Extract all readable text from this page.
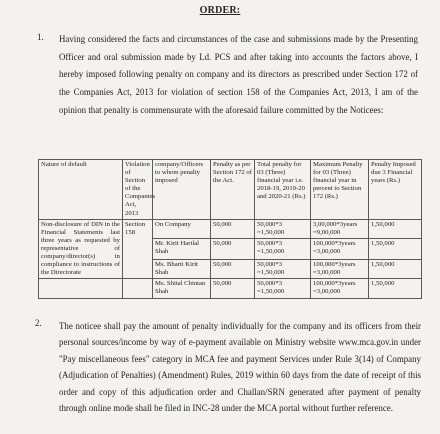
ORDER:
1. Having considered the facts and circumstances of the case and submissions made by the Presenting Officer and oral submission made by Ld. PCS and after taking into accounts the factors above, I hereby imposed following penalty on company and its directors as prescribed under Section 172 of the Companies Act, 2013 for violation of section 158 of the Companies Act, 2013, I am of the opinion that penalty is commensurate with the aforesaid failure committed by the Noticees:
Nature of default	Violation of Section of the Companies Act, 2013	company/Officers to whom penalty imposed	Penalty as per Section 172 of the Act.	Total penalty for 03 (Three) financial year i.e. 2018-19, 2019-20 and 2020-21 (Rs.)	Maximum Penalty for 03 (Three) financial year in percent to Section 172 (Rs.)	Penalty Imposed due 3 Financial years (Rs.)
Non-disclosure of DIN in the Financial Statements last three years as requested by representative of company/director(s) in compliance to instructions of the Directorate	Section 158	On Company	50,000	50,000*3 =1,50,000	3,00,000*3years =9,00,000	1,50,000
		Mr. Kirit Harilal Shah	50,000	50,000*3 =1,50,000	100,000*3years =3,00,000	1,50,000
		Ms. Bharti Kirit Shah	50,000	50,000*3 =1,50,000	100,000*3years =3,00,000	1,50,000
		Ms. Shital Chintan Shah	50,000	50,000*3 =1,50,000	100,000*3years =3,00,000	1,50,000
2. The noticee shall pay the amount of penalty individually for the company and its officers from their personal sources/income by way of e-payment available on Ministry website www.mca.gov.in under "Pay miscellaneous fees" category in MCA fee and payment Services under Rule 3(14) of Company (Adjudication of Penalties) (Amendment) Rules, 2019 within 60 days from the date of receipt of this order and copy of this adjudication order and Challan/SRN generated after payment of penalty through online mode shall be filed in INC-28 under the MCA portal without further reference.
